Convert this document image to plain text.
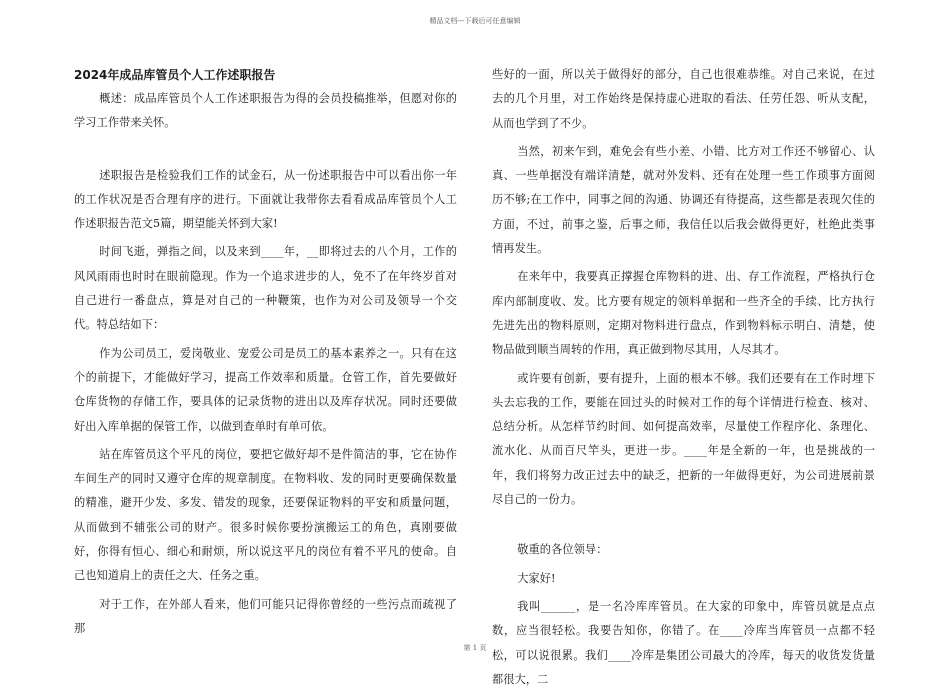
精品文档---下载后可任意编辑
2024年成品库管员个人工作述职报告

概述：成品库管员个人工作述职报告为得的会员投稿推举，但愿对你的学习工作带来关怀。

述职报告是检验我们工作的试金石，从一份述职报告中可以看出你一年的工作状况是否合理有序的进行。下面就让我带你去看看成品库管员个人工作述职报告范文5篇，期望能关怀到大家!

时间飞逝，弹指之间，以及来到____年，__即将过去的八个月，工作的风风雨雨也时时在眼前隐现。作为一个追求进步的人，免不了在年终岁首对自己进行一番盘点，算是对自己的一种鞭策，也作为对公司及领导一个交代。特总结如下：

作为公司员工，爱岗敬业、宠爱公司是员工的基本素养之一。只有在这个的前提下，才能做好学习，提高工作效率和质量。仓管工作，首先要做好仓库货物的存储工作，要具体的记录货物的进出以及库存状况。同时还要做好出入库单据的保管工作，以做到查单时有单可依。

站在库管员这个平凡的岗位，要把它做好却不是件简洁的事，它在协作车间生产的同时又遵守仓库的规章制度。在物料收、发的同时更要确保数量的精准，避开少发、多发、错发的现象，还要保证物料的平安和质量问题，从而做到不辅张公司的财产。很多时候你要扮演搬运工的角色，真刚要做好，你得有恒心、细心和耐烦，所以说这平凡的岗位有着不平凡的使命。自己也知道肩上的责任之大、任务之重。

对于工作，在外部人看来，他们可能只记得你曾经的一些污点而疏视了那

些好的一面，所以关于做得好的部分，自己也很难恭维。对自己来说，在过去的几个月里，对工作始终是保持虚心进取的看法、任劳任怨、听从支配，从而也学到了不少。

当然，初来乍到，难免会有些小差、小错、比方对工作还不够留心、认真、一些单据没有端详清楚，就对外发料、还有在处理一些工作琐事方面阅历不够;在工作中，同事之间的沟通、协调还有待提高，这些都是表现欠佳的方面，不过，前事之鉴，后事之师，我信任以后我会做得更好，杜绝此类事情再发生。

在来年中，我要真正撑握仓库物料的进、出、存工作流程，严格执行仓库内部制度收、发。比方要有规定的领料单据和一些齐全的手续、比方执行先进先出的物料原则，定期对物料进行盘点，作到物料标示明白、清楚，使物品做到顺当周转的作用，真正做到物尽其用，人尽其才。

或许要有创新，要有提升，上面的根本不够。我们还要有在工作时埋下头去忘我的工作，要能在回过头的时候对工作的每个详情进行检查、核对、总结分析。从怎样节约时间、如何提高效率，尽量使工作程序化、条理化、流水化、从而百尺竿头，更进一步。____年是全新的一年，也是挑战的一年，我们将努力改正过去中的缺乏，把新的一年做得更好，为公司进展前景尽自己的一份力。

敬重的各位领导：

大家好!

我叫______，是一名冷库库管员。在大家的印象中，库管员就是点点数，应当很轻松。我要告知你，你错了。在____冷库当库管员一点都不轻松，可以说很累。我们____冷库是集团公司最大的冷库，每天的收货发货量都很大，二

第 1 页
